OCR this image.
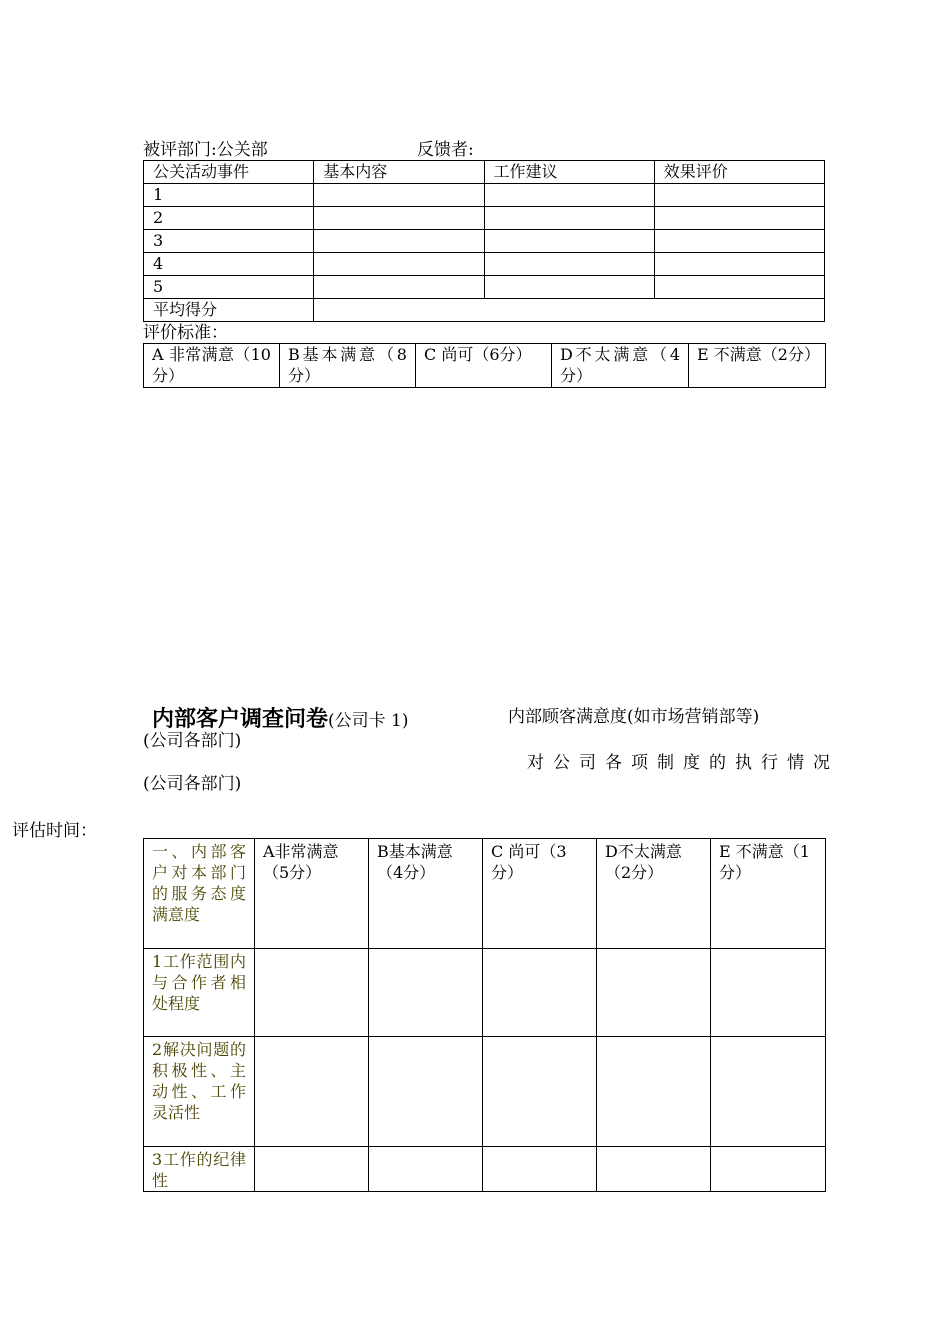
被评部门:公关部	反馈者:
公关活动事件	基本内容	工作建议	效果评价
1			
2			
3			
4			
5			
平均得分			
评价标准：
A 非常满意（10分）	B基本满意（8分）	C 尚可（6分）	D不太满意（4分）	E 不满意（2分）
内部客户调查问卷(公司卡 1)	内部顾客满意度(如市场营销部等)
(公司各部门)
对公司各项制度的执行情况
(公司各部门)
评估时间：
一、内部客户对本部门的服务态度满意度	A非常满意（5分）	B基本满意（4分）	C 尚可（3分）	D不太满意（2分）	E 不满意（1分）
1工作范围内与合作者相处程度					
2解决问题的积极性、主动性、工作灵活性					
3工作的纪律性					
